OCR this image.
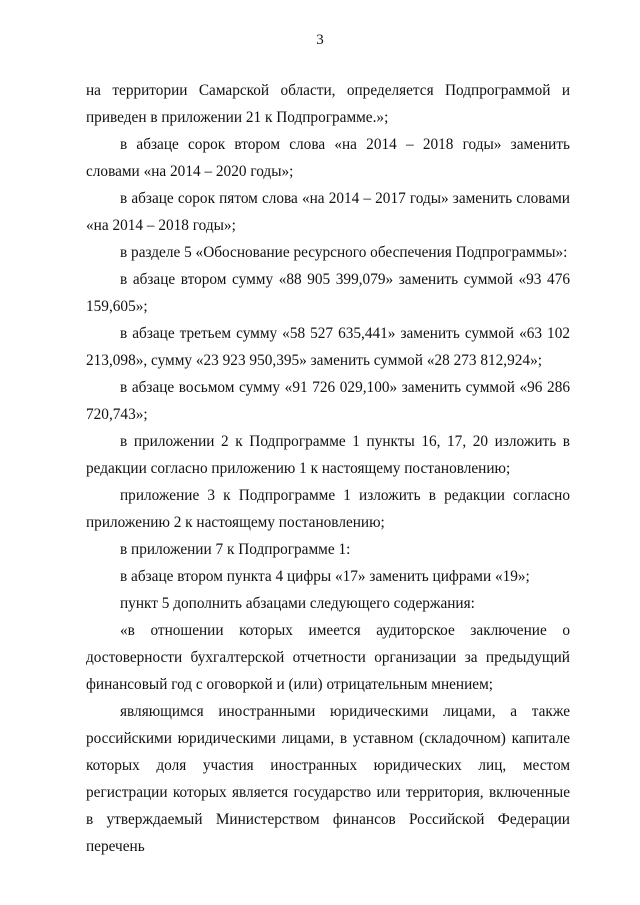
3

на территории Самарской области, определяется Подпрограммой и приведен в приложении 21 к Подпрограмме.»;

в абзаце сорок втором слова «на 2014 – 2018 годы» заменить словами «на 2014 – 2020 годы»;

в абзаце сорок пятом слова «на 2014 – 2017 годы» заменить словами «на 2014 – 2018 годы»;

в разделе 5 «Обоснование ресурсного обеспечения Подпрограммы»:

в абзаце втором сумму «88 905 399,079» заменить суммой «93 476 159,605»;

в абзаце третьем сумму «58 527 635,441» заменить суммой «63 102 213,098», сумму «23 923 950,395» заменить суммой «28 273 812,924»;

в абзаце восьмом сумму «91 726 029,100» заменить суммой «96 286 720,743»;

в приложении 2 к Подпрограмме 1 пункты 16, 17, 20 изложить в редакции согласно приложению 1 к настоящему постановлению;

приложение 3 к Подпрограмме 1 изложить в редакции согласно приложению 2 к настоящему постановлению;

в приложении 7 к Подпрограмме 1:

в абзаце втором пункта 4 цифры «17» заменить цифрами «19»;

пункт 5 дополнить абзацами следующего содержания:

«в отношении которых имеется аудиторское заключение о достоверности бухгалтерской отчетности организации за предыдущий финансовый год с оговоркой и (или) отрицательным мнением;

являющимся иностранными юридическими лицами, а также российскими юридическими лицами, в уставном (складочном) капитале которых доля участия иностранных юридических лиц, местом регистрации которых является государство или территория, включенные в утверждаемый Министерством финансов Российской Федерации перечень
